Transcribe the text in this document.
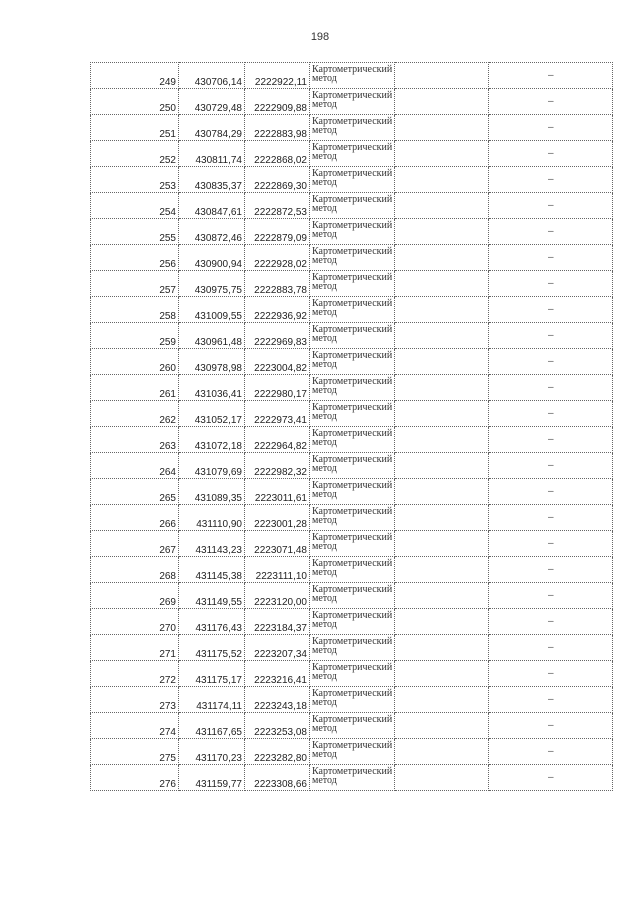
198
249	430706,14	2222922,11	Картометрический метод		–
250	430729,48	2222909,88	Картометрический метод		–
251	430784,29	2222883,98	Картометрический метод		–
252	430811,74	2222868,02	Картометрический метод		–
253	430835,37	2222869,30	Картометрический метод		–
254	430847,61	2222872,53	Картометрический метод		–
255	430872,46	2222879,09	Картометрический метод		–
256	430900,94	2222928,02	Картометрический метод		–
257	430975,75	2222883,78	Картометрический метод		–
258	431009,55	2222936,92	Картометрический метод		–
259	430961,48	2222969,83	Картометрический метод		–
260	430978,98	2223004,82	Картометрический метод		–
261	431036,41	2222980,17	Картометрический метод		–
262	431052,17	2222973,41	Картометрический метод		–
263	431072,18	2222964,82	Картометрический метод		–
264	431079,69	2222982,32	Картометрический метод		–
265	431089,35	2223011,61	Картометрический метод		–
266	431110,90	2223001,28	Картометрический метод		–
267	431143,23	2223071,48	Картометрический метод		–
268	431145,38	2223111,10	Картометрический метод		–
269	431149,55	2223120,00	Картометрический метод		–
270	431176,43	2223184,37	Картометрический метод		–
271	431175,52	2223207,34	Картометрический метод		–
272	431175,17	2223216,41	Картометрический метод		–
273	431174,11	2223243,18	Картометрический метод		–
274	431167,65	2223253,08	Картометрический метод		–
275	431170,23	2223282,80	Картометрический метод		–
276	431159,77	2223308,66	Картометрический метод		–
